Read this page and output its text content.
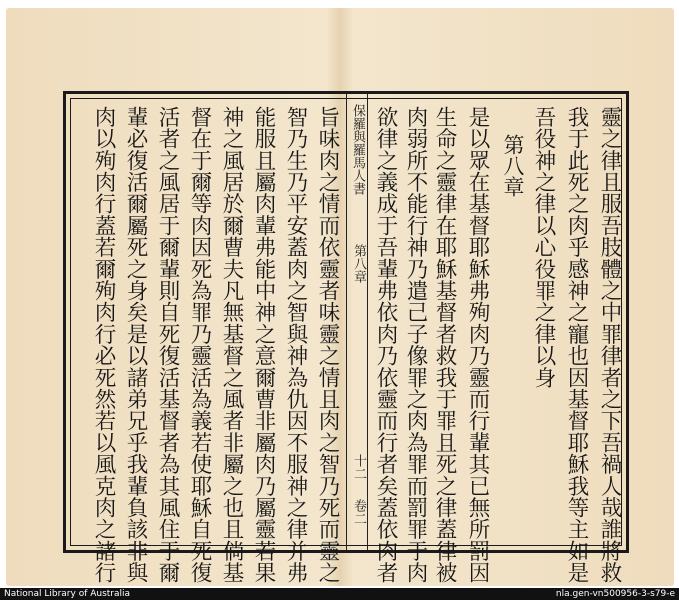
保羅與羅馬人書
第八章
十二
卷二	靈之律且服吾肢體之中罪律者之下吾禍人哉誰將救
我于此死之肉乎感神之寵也因基督耶穌我等主如是
吾役神之律以心役罪之律以身
第八章
是以眾在基督耶穌弗殉肉乃靈而行輩其已無所罰因
生命之靈律在耶穌基督者救我于罪且死之律蓋律被
肉弱所不能行神乃遣己子像罪之肉為罪而罰罪于肉
欲律之義成于吾輩弗依肉乃依靈而行者矣蓋依肉者
旨味肉之情而依靈者味靈之情且肉之智乃死而靈之
智乃生乃平安蓋肉之智與神為仇因不服神之律并弗
能服且屬肉輩弗能中神之意爾曹非屬肉乃屬靈若果
神之風居於爾曹夫凡無基督之風者非屬之也且倘基
督在于爾等肉因死為罪乃靈活為義若使耶穌自死復
活者之風居于爾輩則自死復活基督者為其風住于爾
輩必復活爾屬死之身矣是以諸弟兄乎我輩負該非與
肉以殉肉行蓋若爾殉肉行必死然若以風克肉之諸行
National Library of Australia	nla.gen-vn500956-3-s79-e
